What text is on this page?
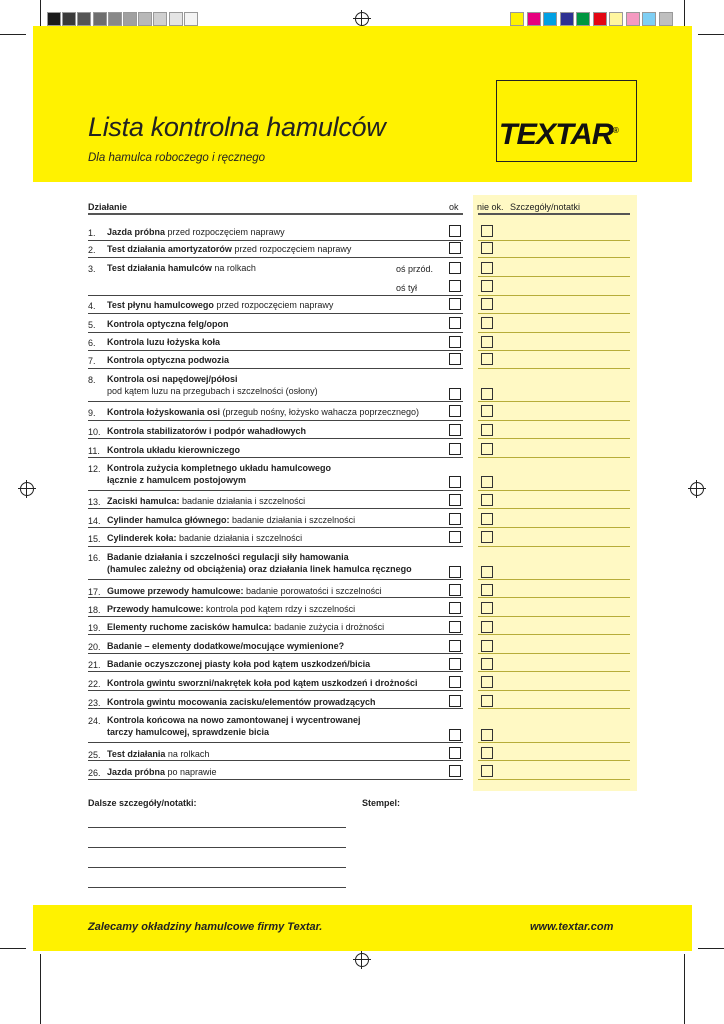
TEXTAR®
Lista kontrolna hamulców
Dla hamulca roboczego i ręcznego
Działanie	ok nie ok. Szczegóły/notatki
1. Jazda próbna przed rozpoczęciem naprawy
2. Test działania amortyzatorów przed rozpoczęciem naprawy
3. Test działania hamulców na rolkach	oś przód.
oś tył
4. Test płynu hamulcowego przed rozpoczęciem naprawy
5. Kontrola optyczna felg/opon
6. Kontrola luzu łożyska koła
7. Kontrola optyczna podwozia
8. Kontrola osi napędowej/półosi
pod kątem luzu na przegubach i szczelności (osłony)
9. Kontrola łożyskowania osi (przegub nośny, łożysko wahacza poprzecznego)
10. Kontrola stabilizatorów i podpór wahadłowych
11. Kontrola układu kierowniczego
12. Kontrola zużycia kompletnego układu hamulcowego
łącznie z hamulcem postojowym
13. Zaciski hamulca: badanie działania i szczelności
14. Cylinder hamulca głównego: badanie działania i szczelności
15. Cylinderek koła: badanie działania i szczelności
16. Badanie działania i szczelności regulacji siły hamowania
(hamulec zależny od obciążenia) oraz działania linek hamulca ręcznego
17. Gumowe przewody hamulcowe: badanie porowatości i szczelności
18. Przewody hamulcowe: kontrola pod kątem rdzy i szczelności
19. Elementy ruchome zacisków hamulca: badanie zużycia i drożności
20. Badanie – elementy dodatkowe/mocujące wymienione?
21. Badanie oczyszczonej piasty koła pod kątem uszkodzeń/bicia
22. Kontrola gwintu sworzni/nakrętek koła pod kątem uszkodzeń i drożności
23. Kontrola gwintu mocowania zacisku/elementów prowadzących
24. Kontrola końcowa na nowo zamontowanej i wycentrowanej
tarczy hamulcowej, sprawdzenie bicia
25. Test działania na rolkach
26. Jazda próbna po naprawie
Dalsze szczegóły/notatki:	Stempel:
Zalecamy okładziny hamulcowe firmy Textar.	www.textar.com
